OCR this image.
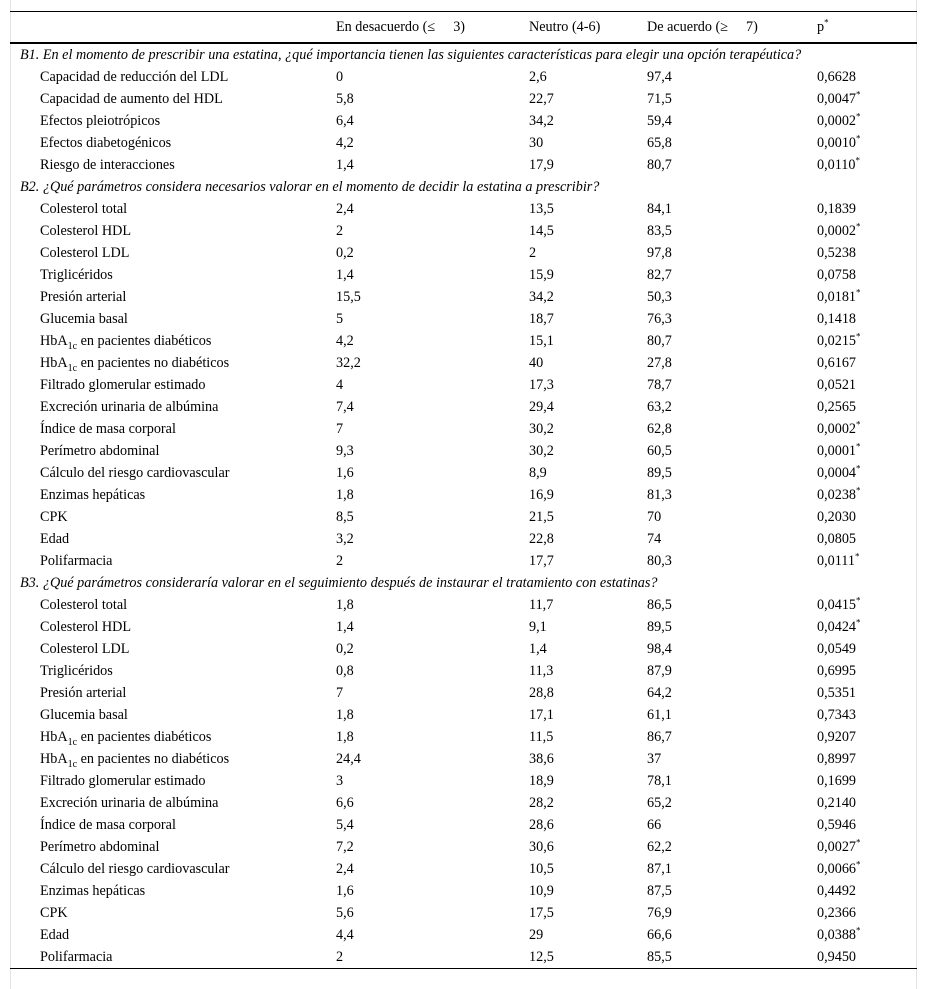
	En desacuerdo (≤ 3)	Neutro (4-6)	De acuerdo (≥ 7)	p*
B1. En el momento de prescribir una estatina, ¿qué importancia tienen las siguientes características para elegir una opción terapéutica?				
Capacidad de reducción del LDL	0	2,6	97,4	0,6628
Capacidad de aumento del HDL	5,8	22,7	71,5	0,0047*
Efectos pleiotrópicos	6,4	34,2	59,4	0,0002*
Efectos diabetogénicos	4,2	30	65,8	0,0010*
Riesgo de interacciones	1,4	17,9	80,7	0,0110*
B2. ¿Qué parámetros considera necesarios valorar en el momento de decidir la estatina a prescribir?				
Colesterol total	2,4	13,5	84,1	0,1839
Colesterol HDL	2	14,5	83,5	0,0002*
Colesterol LDL	0,2	2	97,8	0,5238
Triglicéridos	1,4	15,9	82,7	0,0758
Presión arterial	15,5	34,2	50,3	0,0181*
Glucemia basal	5	18,7	76,3	0,1418
HbA$_{1c}$ en pacientes diabéticos	4,2	15,1	80,7	0,0215*
HbA$_{1c}$ en pacientes no diabéticos	32,2	40	27,8	0,6167
Filtrado glomerular estimado	4	17,3	78,7	0,0521
Excreción urinaria de albúmina	7,4	29,4	63,2	0,2565
Índice de masa corporal	7	30,2	62,8	0,0002*
Perímetro abdominal	9,3	30,2	60,5	0,0001*
Cálculo del riesgo cardiovascular	1,6	8,9	89,5	0,0004*
Enzimas hepáticas	1,8	16,9	81,3	0,0238*
CPK	8,5	21,5	70	0,2030
Edad	3,2	22,8	74	0,0805
Polifarmacia	2	17,7	80,3	0,0111*
B3. ¿Qué parámetros consideraría valorar en el seguimiento después de instaurar el tratamiento con estatinas?				
Colesterol total	1,8	11,7	86,5	0,0415*
Colesterol HDL	1,4	9,1	89,5	0,0424*
Colesterol LDL	0,2	1,4	98,4	0,0549
Triglicéridos	0,8	11,3	87,9	0,6995
Presión arterial	7	28,8	64,2	0,5351
Glucemia basal	1,8	17,1	61,1	0,7343
HbA$_{1c}$ en pacientes diabéticos	1,8	11,5	86,7	0,9207
HbA$_{1c}$ en pacientes no diabéticos	24,4	38,6	37	0,8997
Filtrado glomerular estimado	3	18,9	78,1	0,1699
Excreción urinaria de albúmina	6,6	28,2	65,2	0,2140
Índice de masa corporal	5,4	28,6	66	0,5946
Perímetro abdominal	7,2	30,6	62,2	0,0027*
Cálculo del riesgo cardiovascular	2,4	10,5	87,1	0,0066*
Enzimas hepáticas	1,6	10,9	87,5	0,4492
CPK	5,6	17,5	76,9	0,2366
Edad	4,4	29	66,6	0,0388*
Polifarmacia	2	12,5	85,5	0,9450
